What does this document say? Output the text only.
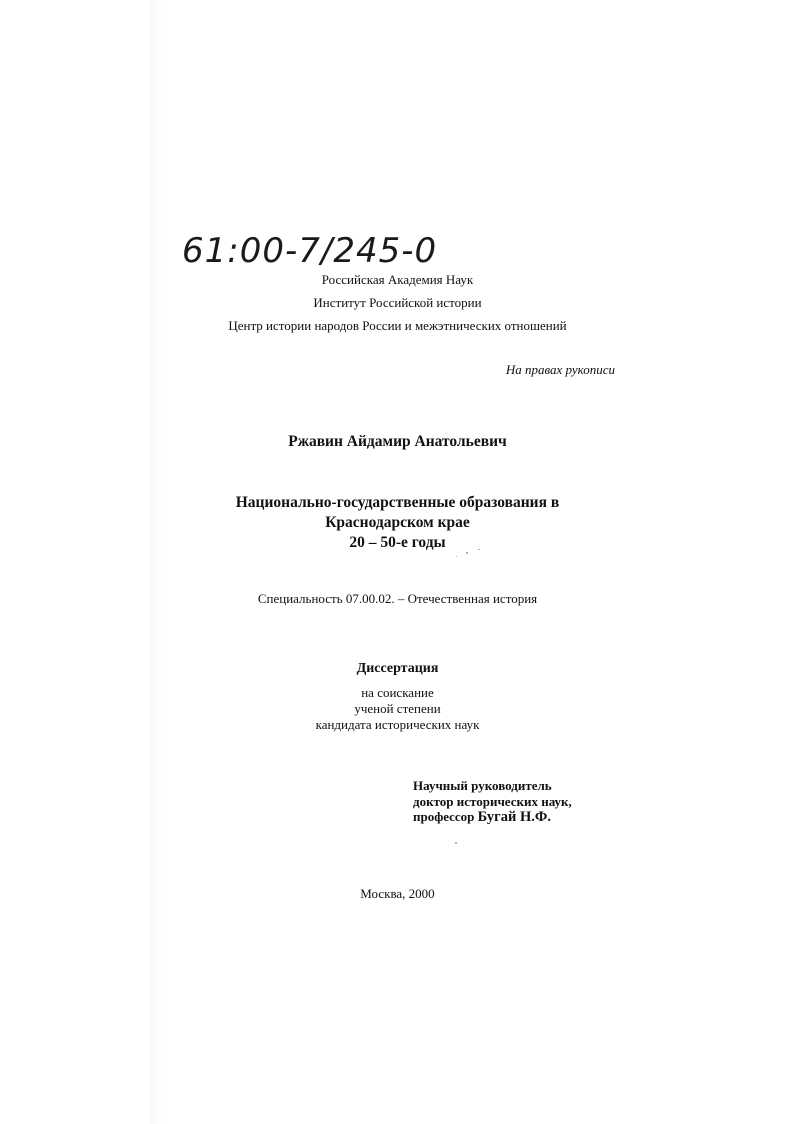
61:00-7/245-0
Российская Академия Наук
Институт Российской истории
Центр истории народов России и межэтнических отношений
На правах рукописи
Ржавин Айдамир Анатольевич
Национально-государственные образования в
Краснодарском крае
20 – 50-е годы
Специальность 07.00.02. – Отечественная история
Диссертация
на соискание
ученой степени
кандидата исторических наук
Научный руководитель
доктор исторических наук,
профессор Бугай Н.Ф.
Москва, 2000
